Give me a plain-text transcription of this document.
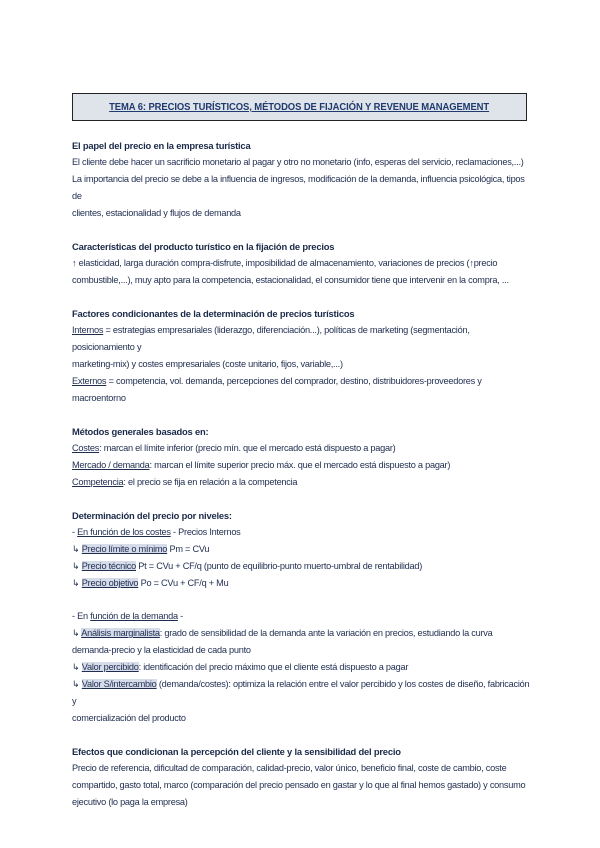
TEMA 6: PRECIOS TURÍSTICOS, MÉTODOS DE FIJACIÓN Y REVENUE MANAGEMENT

El papel del precio en la empresa turística

El cliente debe hacer un sacrificio monetario al pagar y otro no monetario (info, esperas del servicio, reclamaciones,...)

La importancia del precio se debe a la influencia de ingresos, modificación de la demanda, influencia psicológica, tipos de

clientes, estacionalidad y flujos de demanda

Características del producto turístico en la fijación de precios

↑ elasticidad, larga duración compra-disfrute, imposibilidad de almacenamiento, variaciones de precios (↑precio

combustible,...), muy apto para la competencia, estacionalidad, el consumidor tiene que intervenir en la compra, ...

Factores condicionantes de la determinación de precios turísticos

Internos = estrategias empresariales (liderazgo, diferenciación...), políticas de marketing (segmentación, posicionamiento y

marketing-mix) y costes empresariales (coste unitario, fijos, variable,...)

Externos = competencia, vol. demanda, percepciones del comprador, destino, distribuidores-proveedores y macroentorno

Métodos generales basados en:

Costes: marcan el límite inferior (precio mín. que el mercado está dispuesto a pagar)

Mercado / demanda: marcan el límite superior precio máx. que el mercado está dispuesto a pagar)

Competencia: el precio se fija en relación a la competencia

Determinación del precio por niveles:

- En función de los costes - Precios Internos

↳ Precio límite o mínimo Pm = CVu

↳ Precio técnico Pt = CVu + CF/q (punto de equilibrio-punto muerto-umbral de rentabilidad)

↳ Precio objetivo Po = CVu + CF/q + Mu

- En función de la demanda -

↳ Análisis marginalista: grado de sensibilidad de la demanda ante la variación en precios, estudiando la curva

demanda-precio y la elasticidad de cada punto

↳ Valor percibido: identificación del precio máximo que el cliente está dispuesto a pagar

↳ Valor S/intercambio (demanda/costes): optimiza la relación entre el valor percibido y los costes de diseño, fabricación y

comercialización del producto

Efectos que condicionan la percepción del cliente y la sensibilidad del precio

Precio de referencia, dificultad de comparación, calidad-precio, valor único, beneficio final, coste de cambio, coste

compartido, gasto total, marco (comparación del precio pensado en gastar y lo que al final hemos gastado) y consumo

ejecutivo (lo paga la empresa)
